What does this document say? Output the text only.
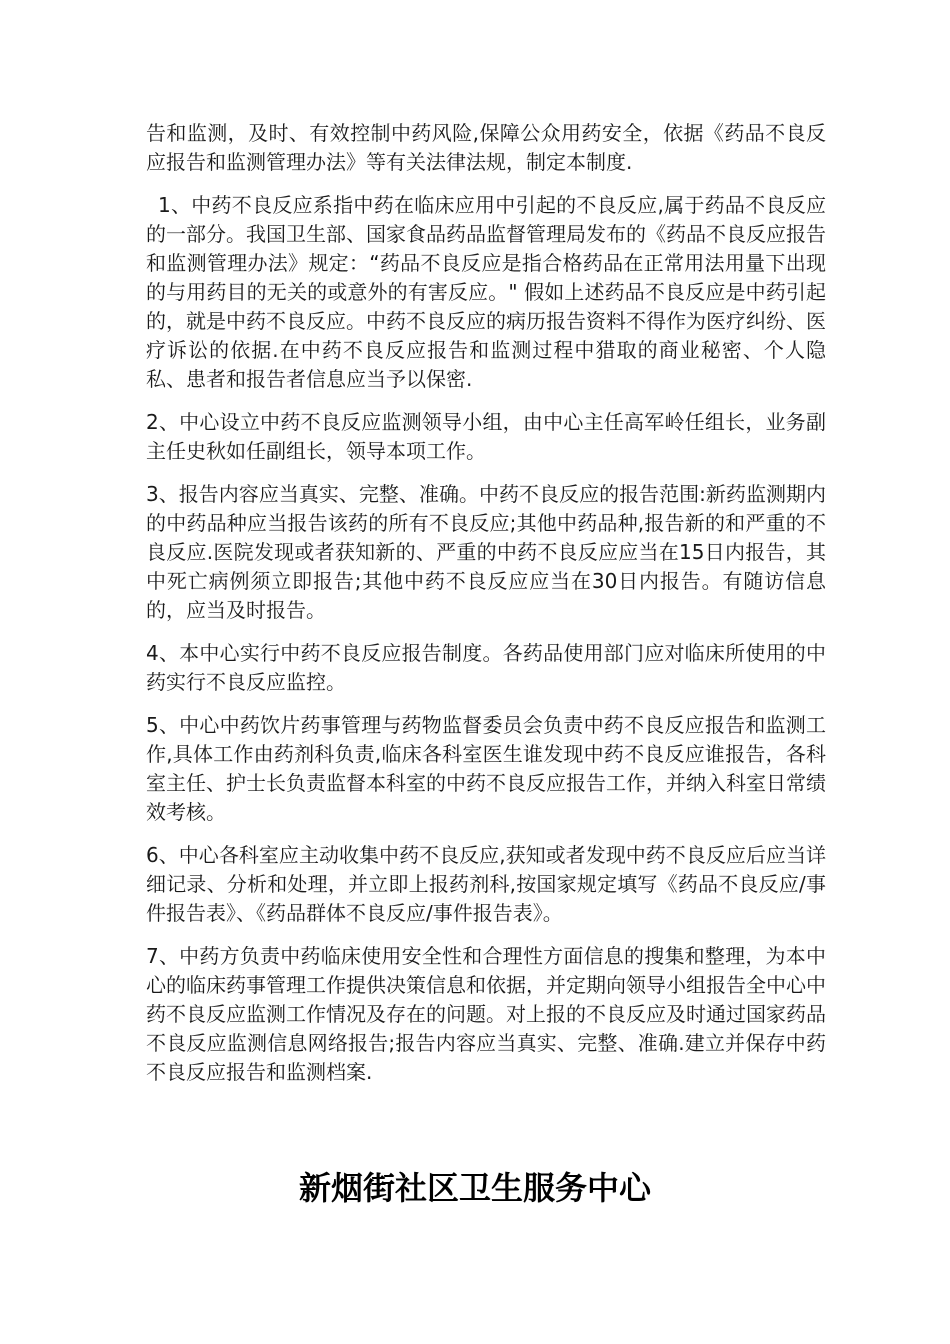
告和监测，及时、有效控制中药风险,保障公众用药安全，依据《药品不良反应报告和监测管理办法》等有关法律法规，制定本制度.

1、中药不良反应系指中药在临床应用中引起的不良反应,属于药品不良反应的一部分。我国卫生部、国家食品药品监督管理局发布的《药品不良反应报告和监测管理办法》规定：“药品不良反应是指合格药品在正常用法用量下出现的与用药目的无关的或意外的有害反应。" 假如上述药品不良反应是中药引起的，就是中药不良反应。中药不良反应的病历报告资料不得作为医疗纠纷、医疗诉讼的依据.在中药不良反应报告和监测过程中猎取的商业秘密、个人隐私、患者和报告者信息应当予以保密.

2、中心设立中药不良反应监测领导小组，由中心主任高军岭任组长，业务副主任史秋如任副组长，领导本项工作。

3、报告内容应当真实、完整、准确。中药不良反应的报告范围:新药监测期内的中药品种应当报告该药的所有不良反应;其他中药品种,报告新的和严重的不良反应.医院发现或者获知新的、严重的中药不良反应应当在15日内报告，其中死亡病例须立即报告;其他中药不良反应应当在30日内报告。有随访信息的，应当及时报告。

4、本中心实行中药不良反应报告制度。各药品使用部门应对临床所使用的中药实行不良反应监控。

5、中心中药饮片药事管理与药物监督委员会负责中药不良反应报告和监测工作,具体工作由药剂科负责,临床各科室医生谁发现中药不良反应谁报告，各科室主任、护士长负责监督本科室的中药不良反应报告工作，并纳入科室日常绩效考核。

6、中心各科室应主动收集中药不良反应,获知或者发现中药不良反应后应当详细记录、分析和处理，并立即上报药剂科,按国家规定填写《药品不良反应/事件报告表》、《药品群体不良反应/事件报告表》。

7、中药方负责中药临床使用安全性和合理性方面信息的搜集和整理，为本中心的临床药事管理工作提供决策信息和依据，并定期向领导小组报告全中心中药不良反应监测工作情况及存在的问题。对上报的不良反应及时通过国家药品不良反应监测信息网络报告;报告内容应当真实、完整、准确.建立并保存中药不良反应报告和监测档案.

新烟街社区卫生服务中心
